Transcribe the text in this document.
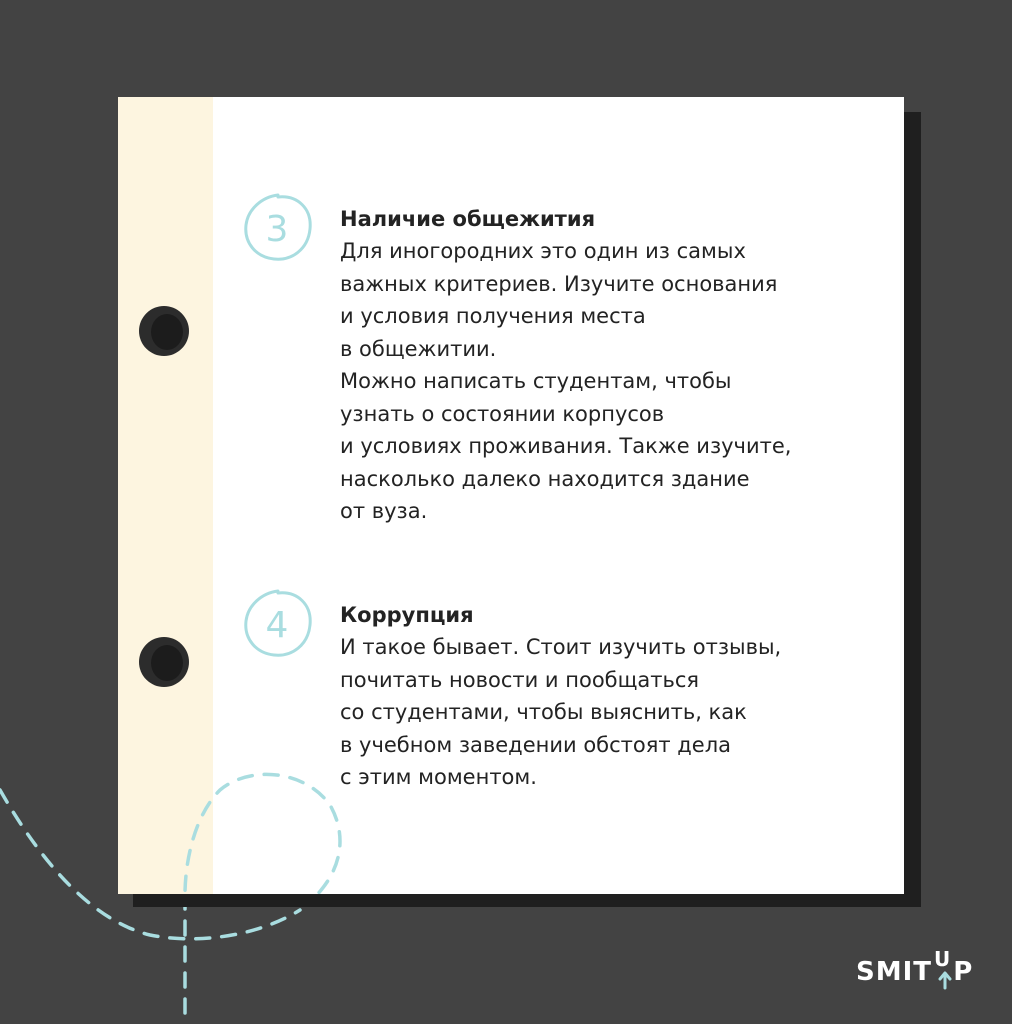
3 Наличие общежития
Для иногородних это один из самых
важных критериев. Изучите основания
и условия получения места
в общежитии.
Можно написать студентам, чтобы
узнать о состоянии корпусов
и условиях проживания. Также изучите,
насколько далеко находится здание
от вуза.
4 Коррупция
И такое бывает. Стоит изучить отзывы,
почитать новости и пообщаться
со студентами, чтобы выяснить, как
в учебном заведении обстоят дела
с этим моментом.
SMIT $^U$P
